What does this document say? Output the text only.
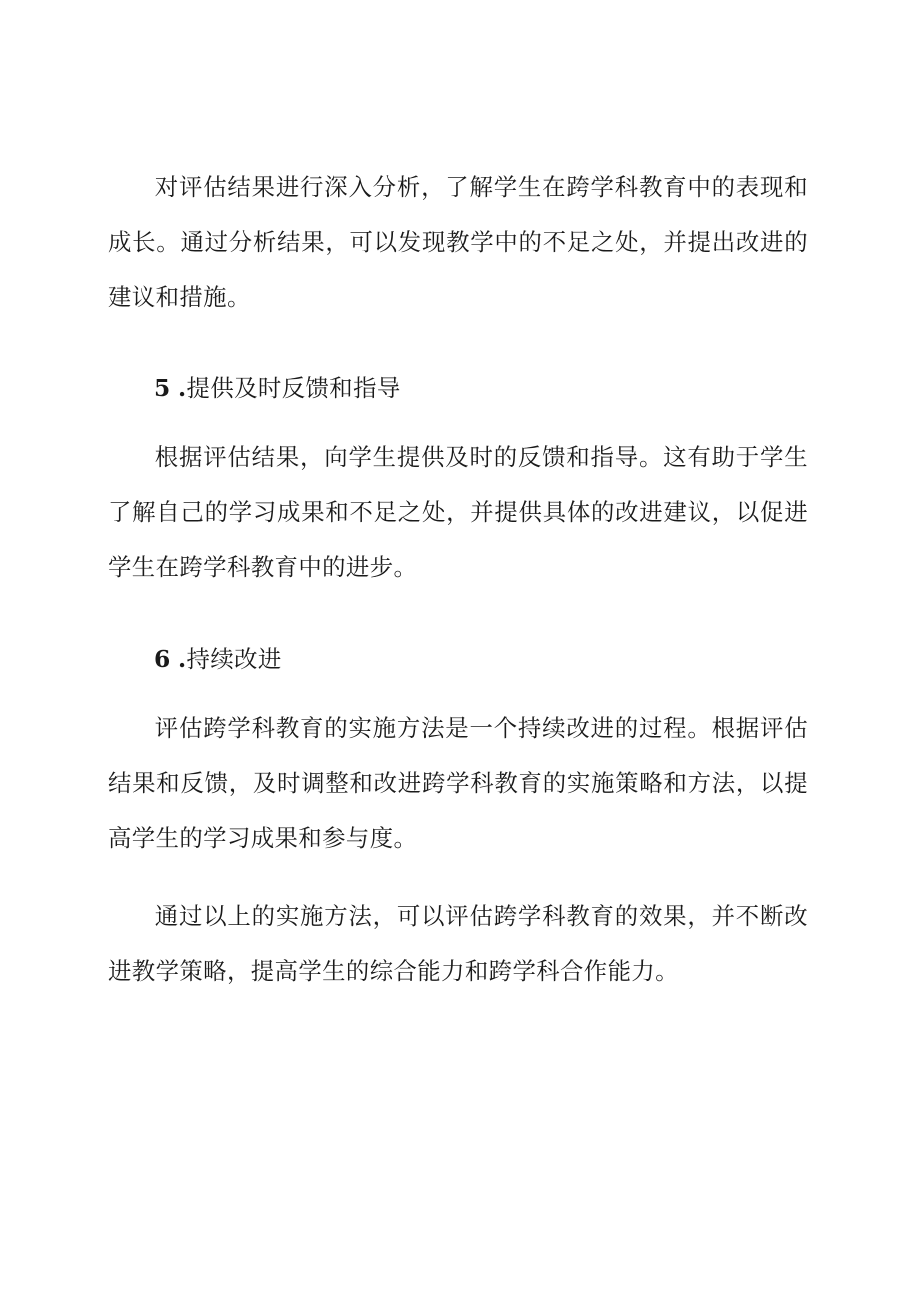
对评估结果进行深入分析，了解学生在跨学科教育中的表现和成长。通过分析结果，可以发现教学中的不足之处，并提出改进的建议和措施。

5 .提供及时反馈和指导

根据评估结果，向学生提供及时的反馈和指导。这有助于学生了解自己的学习成果和不足之处，并提供具体的改进建议，以促进学生在跨学科教育中的进步。

6 .持续改进

评估跨学科教育的实施方法是一个持续改进的过程。根据评估结果和反馈，及时调整和改进跨学科教育的实施策略和方法，以提高学生的学习成果和参与度。

通过以上的实施方法，可以评估跨学科教育的效果，并不断改进教学策略，提高学生的综合能力和跨学科合作能力。
